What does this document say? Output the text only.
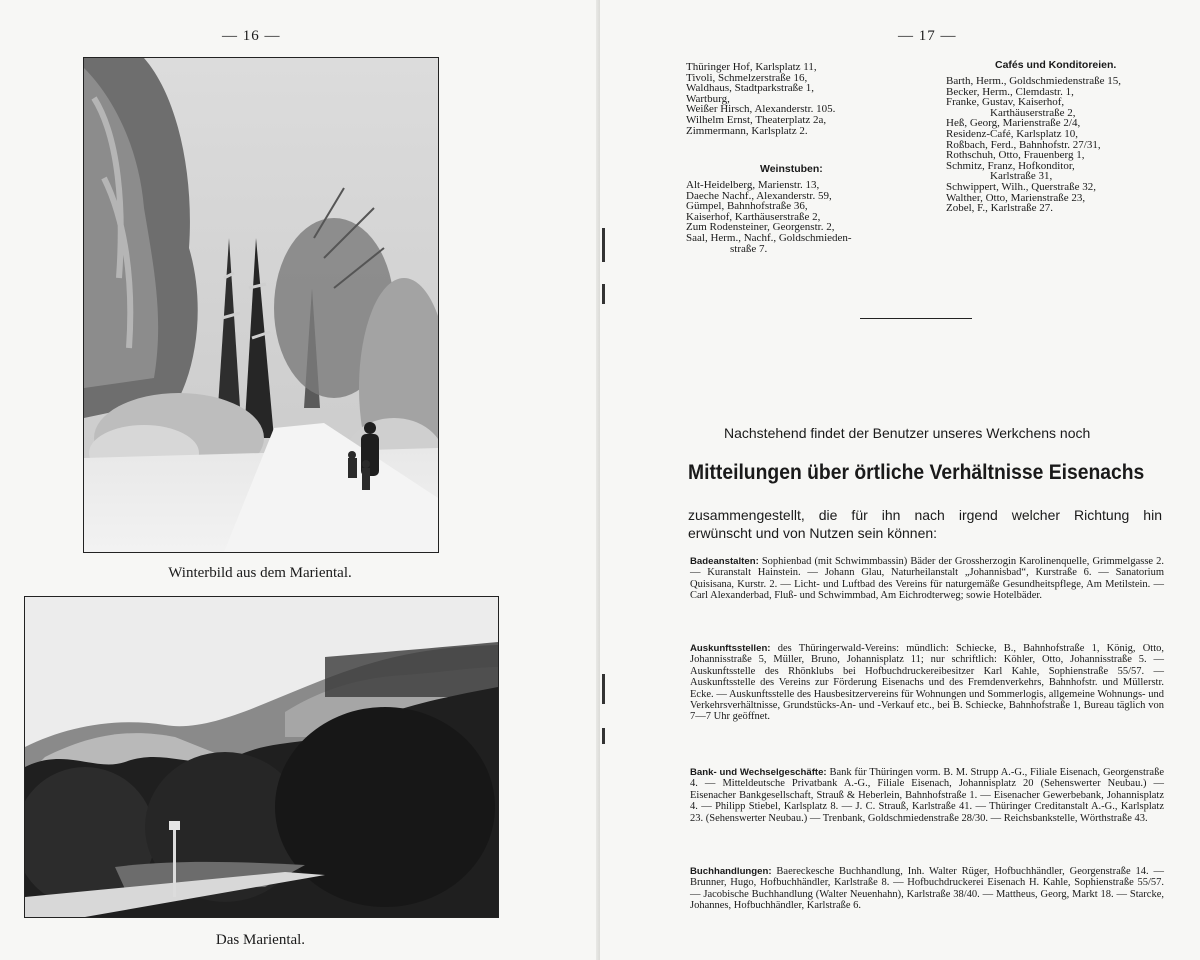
— 16 —
Winterbild aus dem Mariental.
Das Mariental.
— 17 —
Thüringer Hof, Karlsplatz 11,
Tivoli, Schmelzerstraße 16,
Waldhaus, Stadtparkstraße 1,
Wartburg,
Weißer Hirsch, Alexanderstr. 105.
Wilhelm Ernst, Theaterplatz 2a,
Zimmermann, Karlsplatz 2.
Weinstuben:
Alt-Heidelberg, Marienstr. 13,
Daeche Nachf., Alexanderstr. 59,
Gümpel, Bahnhofstraße 36,
Kaiserhof, Karthäuserstraße 2,
Zum Rodensteiner, Georgenstr. 2,
Saal, Herm., Nachf., Goldschmieden-
straße 7.
Cafés und Konditoreien.
Barth, Herm., Goldschmiedenstraße 15,
Becker, Herm., Clemdastr. 1,
Franke, Gustav, Kaiserhof,
Karthäuserstraße 2,
Heß, Georg, Marienstraße 2/4,
Residenz-Café, Karlsplatz 10,
Roßbach, Ferd., Bahnhofstr. 27/31,
Rothschuh, Otto, Frauenberg 1,
Schmitz, Franz, Hofkonditor,
Karlstraße 31,
Schwippert, Wilh., Querstraße 32,
Walther, Otto, Marienstraße 23,
Zobel, F., Karlstraße 27.
Nachstehend findet der Benutzer unseres Werkchens noch
Mitteilungen über örtliche Verhältnisse Eisenachs
zusammengestellt, die für ihn nach irgend welcher Richtung hin
erwünscht und von Nutzen sein können:
Badeanstalten: Sophienbad (mit Schwimmbassin) Bäder der Grossherzogin Karolinenquelle, Grimmelgasse 2. — Kuranstalt Hainstein. — Johann Glau, Naturheilanstalt „Johannisbad“, Kurstraße 6. — Sanatorium Quisisana, Kurstr. 2. — Licht- und Luftbad des Vereins für naturgemäße Gesundheitspflege, Am Metilstein. — Carl Alexanderbad, Fluß- und Schwimmbad, Am Eichrodterweg; sowie Hotelbäder.
Auskunftsstellen: des Thüringerwald-Vereins: mündlich: Schiecke, B., Bahnhofstraße 1, König, Otto, Johannisstraße 5, Müller, Bruno, Johannisplatz 11; nur schriftlich: Köhler, Otto, Johannisstraße 5. — Auskunftsstelle des Rhönklubs bei Hofbuchdruckereibesitzer Karl Kahle, Sophienstraße 55/57. — Auskunftsstelle des Vereins zur Förderung Eisenachs und des Fremdenverkehrs, Bahnhofstr. und Müllerstr. Ecke. — Auskunftsstelle des Hausbesitzervereins für Wohnungen und Sommerlogis, allgemeine Wohnungs- und Verkehrsverhältnisse, Grundstücks-An- und -Verkauf etc., bei B. Schiecke, Bahnhofstraße 1, Bureau täglich von 7—7 Uhr geöffnet.
Bank- und Wechselgeschäfte: Bank für Thüringen vorm. B. M. Strupp A.-G., Filiale Eisenach, Georgenstraße 4. — Mitteldeutsche Privatbank A.-G., Filiale Eisenach, Johannisplatz 20 (Sehenswerter Neubau.) — Eisenacher Bankgesellschaft, Strauß & Heberlein, Bahnhofstraße 1. — Eisenacher Gewerbebank, Johannisplatz 4. — Philipp Stiebel, Karlsplatz 8. — J. C. Strauß, Karlstraße 41. — Thüringer Creditanstalt A.-G., Karlsplatz 23. (Sehenswerter Neubau.) — Trenbank, Goldschmiedenstraße 28/30. — Reichsbankstelle, Wörthstraße 43.
Buchhandlungen: Baereckesche Buchhandlung, Inh. Walter Rüger, Hofbuchhändler, Georgenstraße 14. — Brunner, Hugo, Hofbuchhändler, Karlstraße 8. — Hofbuchdruckerei Eisenach H. Kahle, Sophienstraße 55/57. — Jacobische Buchhandlung (Walter Neuenhahn), Karlstraße 38/40. — Mattheus, Georg, Markt 18. — Starcke, Johannes, Hofbuchhändler, Karlstraße 6.
